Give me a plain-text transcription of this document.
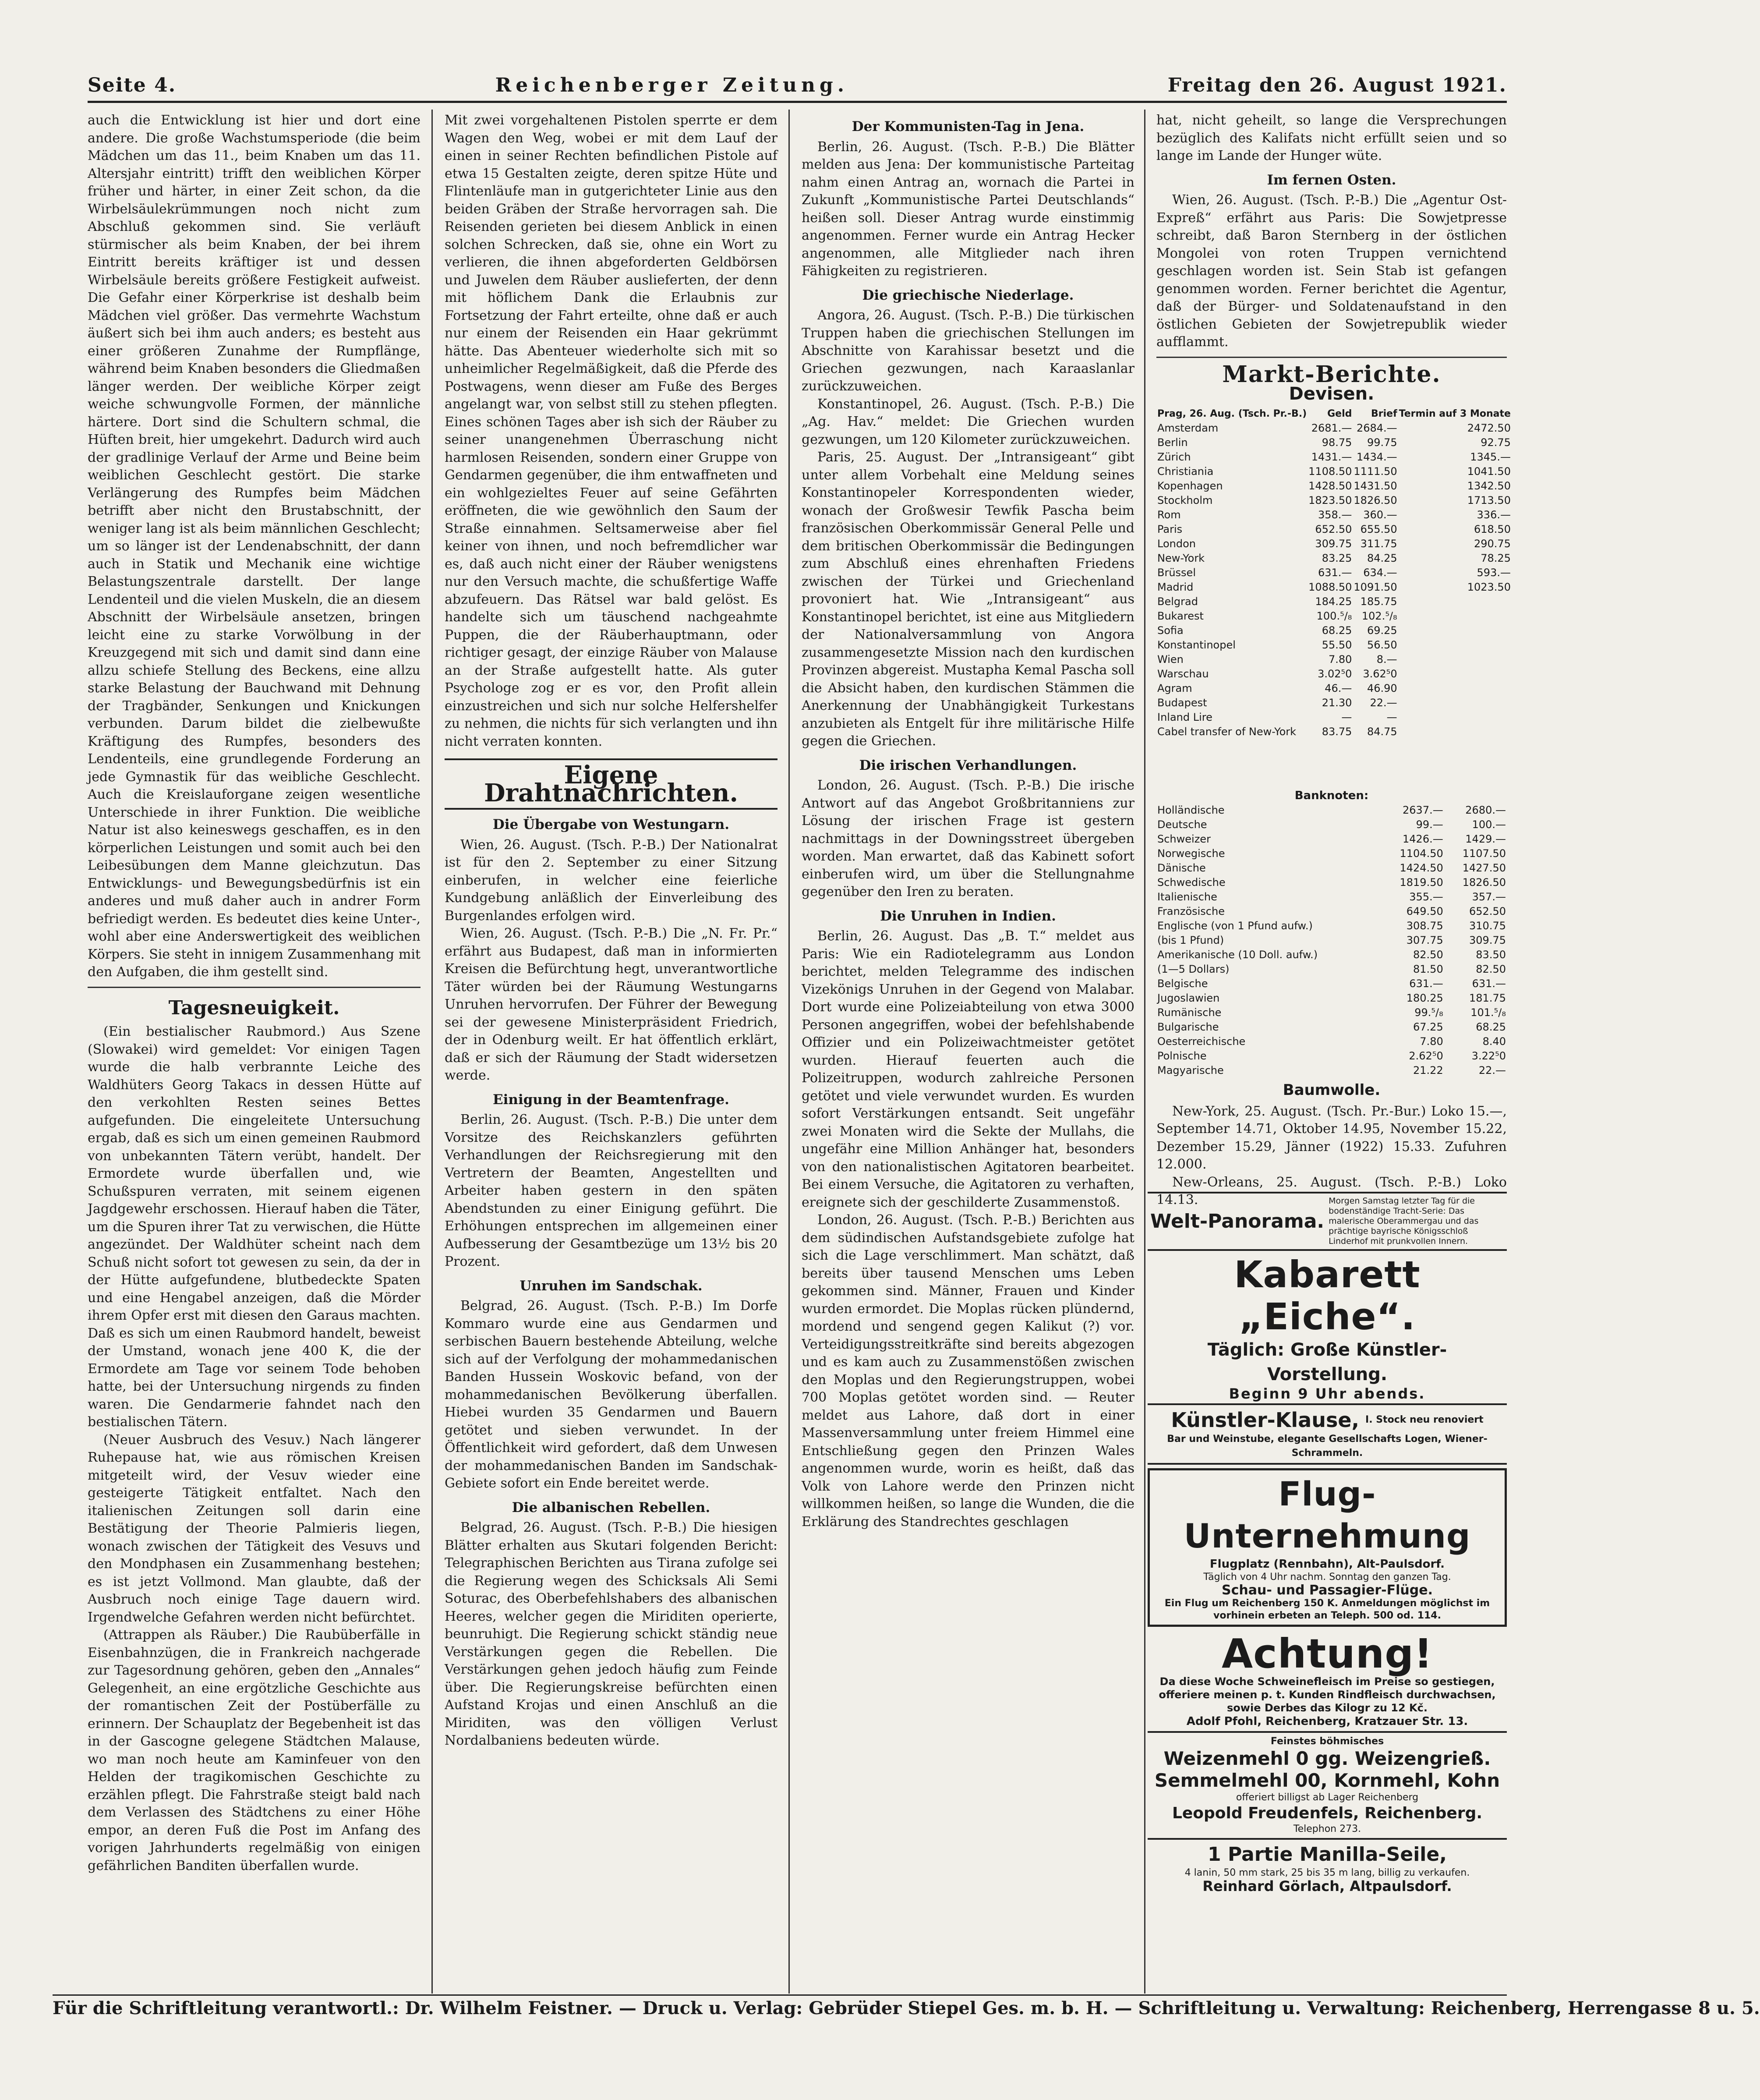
Seite 4.	Reichenberger Zeitung.	Freitag den 26. August 1921.

auch die Entwicklung ist hier und dort eine andere. Die große Wachstumsperiode (die beim Mädchen um das 11., beim Knaben um das 11. Altersjahr eintritt) trifft den weiblichen Körper früher und härter, in einer Zeit schon, da die Wirbelsäulekrümmungen noch nicht zum Abschluß gekommen sind. Sie verläuft stürmischer als beim Knaben, der bei ihrem Eintritt bereits kräftiger ist und dessen Wirbelsäule bereits größere Festigkeit aufweist. Die Gefahr einer Körperkrise ist deshalb beim Mädchen viel größer. Das vermehrte Wachstum äußert sich bei ihm auch anders; es besteht aus einer größeren Zunahme der Rumpflänge, während beim Knaben besonders die Gliedmaßen länger werden. Der weibliche Körper zeigt weiche schwungvolle Formen, der männliche härtere. Dort sind die Schultern schmal, die Hüften breit, hier umgekehrt. Dadurch wird auch der gradlinige Verlauf der Arme und Beine beim weiblichen Geschlecht gestört. Die starke Verlängerung des Rumpfes beim Mädchen betrifft aber nicht den Brustabschnitt, der weniger lang ist als beim männlichen Geschlecht; um so länger ist der Lendenabschnitt, der dann auch in Statik und Mechanik eine wichtige Belastungszentrale darstellt. Der lange Lendenteil und die vielen Muskeln, die an diesem Abschnitt der Wirbelsäule ansetzen, bringen leicht eine zu starke Vorwölbung in der Kreuzgegend mit sich und damit sind dann eine allzu schiefe Stellung des Beckens, eine allzu starke Belastung der Bauchwand mit Dehnung der Tragbänder, Senkungen und Knickungen verbunden. Darum bildet die zielbewußte Kräftigung des Rumpfes, besonders des Lendenteils, eine grundlegende Forderung an jede Gymnastik für das weibliche Geschlecht. Auch die Kreislauforgane zeigen wesentliche Unterschiede in ihrer Funktion. Die weibliche Natur ist also keineswegs geschaffen, es in den körperlichen Leistungen und somit auch bei den Leibesübungen dem Manne gleichzutun. Das Entwicklungs- und Bewegungsbedürfnis ist ein anderes und muß daher auch in andrer Form befriedigt werden. Es bedeutet dies keine Unter-, wohl aber eine Anderswertigkeit des weiblichen Körpers. Sie steht in innigem Zusammenhang mit den Aufgaben, die ihm gestellt sind.

Tagesneuigkeit.

(Ein bestialischer Raubmord.) Aus Szene (Slowakei) wird gemeldet: Vor einigen Tagen wurde die halb verbrannte Leiche des Waldhüters Georg Takacs in dessen Hütte auf den verkohlten Resten seines Bettes aufgefunden. Die eingeleitete Untersuchung ergab, daß es sich um einen gemeinen Raubmord von unbekannten Tätern verübt, handelt. Der Ermordete wurde überfallen und, wie Schußspuren verraten, mit seinem eigenen Jagdgewehr erschossen. Hierauf haben die Täter, um die Spuren ihrer Tat zu verwischen, die Hütte angezündet. Der Waldhüter scheint nach dem Schuß nicht sofort tot gewesen zu sein, da der in der Hütte aufgefundene, blutbedeckte Spaten und eine Hengabel anzeigen, daß die Mörder ihrem Opfer erst mit diesen den Garaus machten. Daß es sich um einen Raubmord handelt, beweist der Umstand, wonach jene 400 K, die der Ermordete am Tage vor seinem Tode behoben hatte, bei der Untersuchung nirgends zu finden waren. Die Gendarmerie fahndet nach den bestialischen Tätern.

(Neuer Ausbruch des Vesuv.) Nach längerer Ruhepause hat, wie aus römischen Kreisen mitgeteilt wird, der Vesuv wieder eine gesteigerte Tätigkeit entfaltet. Nach den italienischen Zeitungen soll darin eine Bestätigung der Theorie Palmieris liegen, wonach zwischen der Tätigkeit des Vesuvs und den Mondphasen ein Zusammenhang bestehen; es ist jetzt Vollmond. Man glaubte, daß der Ausbruch noch einige Tage dauern wird. Irgendwelche Gefahren werden nicht befürchtet.

(Attrappen als Räuber.) Die Raubüberfälle in Eisenbahnzügen, die in Frankreich nachgerade zur Tagesordnung gehören, geben den „Annales“ Gelegenheit, an eine ergötzliche Geschichte aus der romantischen Zeit der Postüberfälle zu erinnern. Der Schauplatz der Begebenheit ist das in der Gascogne gelegene Städtchen Malause, wo man noch heute am Kaminfeuer von den Helden der tragikomischen Geschichte zu erzählen pflegt. Die Fahrstraße steigt bald nach dem Verlassen des Städtchens zu einer Höhe empor, an deren Fuß die Post im Anfang des vorigen Jahrhunderts regelmäßig von einigen gefährlichen Banditen überfallen wurde.

Mit zwei vorgehaltenen Pistolen sperrte er dem Wagen den Weg, wobei er mit dem Lauf der einen in seiner Rechten befindlichen Pistole auf etwa 15 Gestalten zeigte, deren spitze Hüte und Flintenläufe man in gutgerichteter Linie aus den beiden Gräben der Straße hervorragen sah. Die Reisenden gerieten bei diesem Anblick in einen solchen Schrecken, daß sie, ohne ein Wort zu verlieren, die ihnen abgeforderten Geldbörsen und Juwelen dem Räuber auslieferten, der denn mit höflichem Dank die Erlaubnis zur Fortsetzung der Fahrt erteilte, ohne daß er auch nur einem der Reisenden ein Haar gekrümmt hätte. Das Abenteuer wiederholte sich mit so unheimlicher Regelmäßigkeit, daß die Pferde des Postwagens, wenn dieser am Fuße des Berges angelangt war, von selbst still zu stehen pflegten. Eines schönen Tages aber ish sich der Räuber zu seiner unangenehmen Überraschung nicht harmlosen Reisenden, sondern einer Gruppe von Gendarmen gegenüber, die ihm entwaffneten und ein wohlgezieltes Feuer auf seine Gefährten eröffneten, die wie gewöhnlich den Saum der Straße einnahmen. Seltsamerweise aber fiel keiner von ihnen, und noch befremdlicher war es, daß auch nicht einer der Räuber wenigstens nur den Versuch machte, die schußfertige Waffe abzufeuern. Das Rätsel war bald gelöst. Es handelte sich um täuschend nachgeahmte Puppen, die der Räuberhauptmann, oder richtiger gesagt, der einzige Räuber von Malause an der Straße aufgestellt hatte. Als guter Psychologe zog er es vor, den Profit allein einzustreichen und sich nur solche Helfershelfer zu nehmen, die nichts für sich verlangten und ihn nicht verraten konnten.

Eigene Drahtnachrichten.
Die Übergabe von Westungarn.

Wien, 26. August. (Tsch. P.-B.) Der Nationalrat ist für den 2. September zu einer Sitzung einberufen, in welcher eine feierliche Kundgebung anläßlich der Einverleibung des Burgenlandes erfolgen wird.

Wien, 26. August. (Tsch. P.-B.) Die „N. Fr. Pr.“ erfährt aus Budapest, daß man in informierten Kreisen die Befürchtung hegt, unverantwortliche Täter würden bei der Räumung Westungarns Unruhen hervorrufen. Der Führer der Bewegung sei der gewesene Ministerpräsident Friedrich, der in Odenburg weilt. Er hat öffentlich erklärt, daß er sich der Räumung der Stadt widersetzen werde.

Einigung in der Beamtenfrage.

Berlin, 26. August. (Tsch. P.-B.) Die unter dem Vorsitze des Reichskanzlers geführten Verhandlungen der Reichsregierung mit den Vertretern der Beamten, Angestellten und Arbeiter haben gestern in den späten Abendstunden zu einer Einigung geführt. Die Erhöhungen entsprechen im allgemeinen einer Aufbesserung der Gesamtbezüge um 13½ bis 20 Prozent.

Unruhen im Sandschak.

Belgrad, 26. August. (Tsch. P.-B.) Im Dorfe Kommaro wurde eine aus Gendarmen und serbischen Bauern bestehende Abteilung, welche sich auf der Verfolgung der mohammedanischen Banden Hussein Woskovic befand, von der mohammedanischen Bevölkerung überfallen. Hiebei wurden 35 Gendarmen und Bauern getötet und sieben verwundet. In der Öffentlichkeit wird gefordert, daß dem Unwesen der mohammedanischen Banden im Sandschak-Gebiete sofort ein Ende bereitet werde.

Die albanischen Rebellen.

Belgrad, 26. August. (Tsch. P.-B.) Die hiesigen Blätter erhalten aus Skutari folgenden Bericht: Telegraphischen Berichten aus Tirana zufolge sei die Regierung wegen des Schicksals Ali Semi Soturac, des Oberbefehlshabers des albanischen Heeres, welcher gegen die Miriditen operierte, beunruhigt. Die Regierung schickt ständig neue Verstärkungen gegen die Rebellen. Die Verstärkungen gehen jedoch häufig zum Feinde über. Die Regierungskreise befürchten einen Aufstand Krojas und einen Anschluß an die Miriditen, was den völligen Verlust Nordalbaniens bedeuten würde.

Der Kommunisten-Tag in Jena.

Berlin, 26. August. (Tsch. P.-B.) Die Blätter melden aus Jena: Der kommunistische Parteitag nahm einen Antrag an, wornach die Partei in Zukunft „Kommunistische Partei Deutschlands“ heißen soll. Dieser Antrag wurde einstimmig angenommen. Ferner wurde ein Antrag Hecker angenommen, alle Mitglieder nach ihren Fähigkeiten zu registrieren.

Die griechische Niederlage.

Angora, 26. August. (Tsch. P.-B.) Die türkischen Truppen haben die griechischen Stellungen im Abschnitte von Karahissar besetzt und die Griechen gezwungen, nach Karaaslanlar zurückzuweichen.

Konstantinopel, 26. August. (Tsch. P.-B.) Die „Ag. Hav.“ meldet: Die Griechen wurden gezwungen, um 120 Kilometer zurückzuweichen.

Paris, 25. August. Der „Intransigeant“ gibt unter allem Vorbehalt eine Meldung seines Konstantinopeler Korrespondenten wieder, wonach der Großwesir Tewfik Pascha beim französischen Oberkommissär General Pelle und dem britischen Oberkommissär die Bedingungen zum Abschluß eines ehrenhaften Friedens zwischen der Türkei und Griechenland provoniert hat. Wie „Intransigeant“ aus Konstantinopel berichtet, ist eine aus Mitgliedern der Nationalversammlung von Angora zusammengesetzte Mission nach den kurdischen Provinzen abgereist. Mustapha Kemal Pascha soll die Absicht haben, den kurdischen Stämmen die Anerkennung der Unabhängigkeit Turkestans anzubieten als Entgelt für ihre militärische Hilfe gegen die Griechen.

Die irischen Verhandlungen.

London, 26. August. (Tsch. P.-B.) Die irische Antwort auf das Angebot Großbritanniens zur Lösung der irischen Frage ist gestern nachmittags in der Downingsstreet übergeben worden. Man erwartet, daß das Kabinett sofort einberufen wird, um über die Stellungnahme gegenüber den Iren zu beraten.

Die Unruhen in Indien.

Berlin, 26. August. Das „B. T.“ meldet aus Paris: Wie ein Radiotelegramm aus London berichtet, melden Telegramme des indischen Vizekönigs Unruhen in der Gegend von Malabar. Dort wurde eine Polizeiabteilung von etwa 3000 Personen angegriffen, wobei der befehlshabende Offizier und ein Polizeiwachtmeister getötet wurden. Hierauf feuerten auch die Polizeitruppen, wodurch zahlreiche Personen getötet und viele verwundet wurden. Es wurden sofort Verstärkungen entsandt. Seit ungefähr zwei Monaten wird die Sekte der Mullahs, die ungefähr eine Million Anhänger hat, besonders von den nationalistischen Agitatoren bearbeitet. Bei einem Versuche, die Agitatoren zu verhaften, ereignete sich der geschilderte Zusammenstoß.

London, 26. August. (Tsch. P.-B.) Berichten aus dem südindischen Aufstandsgebiete zufolge hat sich die Lage verschlimmert. Man schätzt, daß bereits über tausend Menschen ums Leben gekommen sind. Männer, Frauen und Kinder wurden ermordet. Die Moplas rücken plündernd, mordend und sengend gegen Kalikut (?) vor. Verteidigungsstreitkräfte sind bereits abgezogen und es kam auch zu Zusammenstößen zwischen den Moplas und den Regierungstruppen, wobei 700 Moplas getötet worden sind. — Reuter meldet aus Lahore, daß dort in einer Massenversammlung unter freiem Himmel eine Entschließung gegen den Prinzen Wales angenommen wurde, worin es heißt, daß das Volk von Lahore werde den Prinzen nicht willkommen heißen, so lange die Wunden, die die Erklärung des Standrechtes geschlagen

hat, nicht geheilt, so lange die Versprechungen bezüglich des Kalifats nicht erfüllt seien und so lange im Lande der Hunger wüte.

Im fernen Osten.

Wien, 26. August. (Tsch. P.-B.) Die „Agentur Ost-Expreß“ erfährt aus Paris: Die Sowjetpresse schreibt, daß Baron Sternberg in der östlichen Mongolei von roten Truppen vernichtend geschlagen worden ist. Sein Stab ist gefangen genommen worden. Ferner berichtet die Agentur, daß der Bürger- und Soldatenaufstand in den östlichen Gebieten der Sowjetrepublik wieder aufflammt.

Markt-Berichte.
Devisen.
Prag, 26. Aug. (Tsch. Pr.-B.)	Geld	Brief	Termin auf 3 Monate
Amsterdam	2681.—	2684.—	2472.50
Berlin	98.75	99.75	92.75
Zürich	1431.—	1434.—	1345.—
Christiania	1108.50	1111.50	1041.50
Kopenhagen	1428.50	1431.50	1342.50
Stockholm	1823.50	1826.50	1713.50
Rom	358.—	360.—	336.—
Paris	652.50	655.50	618.50
London	309.75	311.75	290.75
New-York	83.25	84.25	78.25
Brüssel	631.—	634.—	593.—
Madrid	1088.50	1091.50	1023.50
Belgrad	184.25	185.75	
Bukarest	100.⁵/₈	102.⁵/₈	
Sofia	68.25	69.25	
Konstantinopel	55.50	56.50	
Wien	7.80	8.—	
Warschau	3.02⁵0	3.62⁵0	
Agram	46.—	46.90	
Budapest	21.30	22.—	
Inland Lire	—	—	
Cabel transfer of New-York	83.75	84.75	
Banknoten:		
Holländische	2637.—	2680.—
Deutsche	99.—	100.—
Schweizer	1426.—	1429.—
Norwegische	1104.50	1107.50
Dänische	1424.50	1427.50
Schwedische	1819.50	1826.50
Italienische	355.—	357.—
Französische	649.50	652.50
Englische (von 1 Pfund aufw.)	308.75	310.75
(bis 1 Pfund)	307.75	309.75
Amerikanische (10 Doll. aufw.)	82.50	83.50
(1—5 Dollars)	81.50	82.50
Belgische	631.—	631.—
Jugoslawien	180.25	181.75
Rumänische	99.⁵/₈	101.⁵/₈
Bulgarische	67.25	68.25
Oesterreichische	7.80	8.40
Polnische	2.62⁵0	3.22⁵0
Magyarische	21.22	22.—
Baumwolle.

New-York, 25. August. (Tsch. Pr.-Bur.) Loko 15.—, September 14.71, Oktober 14.95, November 15.22, Dezember 15.29, Jänner (1922) 15.33. Zufuhren 12.000.

New-Orleans, 25. August. (Tsch. P.-B.) Loko 14.13.

Welt-Panorama.
Morgen Samstag letzter Tag für die bodenständige Tracht-Serie: Das malerische Oberammergau und das prächtige bayrische Königsschloß Linderhof mit prunkvollen Innern.
Kabarett „Eiche“.
Täglich: Große Künstler-Vorstellung.
Beginn 9 Uhr abends.
Künstler-Klause, I. Stock neu renoviert
Bar und Weinstube, elegante Gesellschafts Logen, Wiener-Schrammeln.
Flug-Unternehmung
Flugplatz (Rennbahn), Alt-Paulsdorf.
Täglich von 4 Uhr nachm. Sonntag den ganzen Tag.
Schau- und Passagier-Flüge.
Ein Flug um Reichenberg 150 K. Anmeldungen möglichst im vorhinein erbeten an Teleph. 500 od. 114.
Achtung!
Da diese Woche Schweinefleisch im Preise so gestiegen, offeriere meinen p. t. Kunden Rindfleisch durchwachsen, sowie Derbes das Kilogr zu 12 Kč.
Adolf Pfohl, Reichenberg, Kratzauer Str. 13.
Feinstes böhmisches
Weizenmehl 0 gg. Weizengrieß.
Semmelmehl 00, Kornmehl, Kohn
offeriert billigst ab Lager Reichenberg
Leopold Freudenfels, Reichenberg.
Telephon 273.
1 Partie Manilla-Seile,
4 lanin, 50 mm stark, 25 bis 35 m lang, billig zu verkaufen.
Reinhard Görlach, Altpaulsdorf.
Für die Schriftleitung verantwortl.: Dr. Wilhelm Feistner. — Druck u. Verlag: Gebrüder Stiepel Ges. m. b. H. — Schriftleitung u. Verwaltung: Reichenberg, Herrengasse 8 u. 5.
